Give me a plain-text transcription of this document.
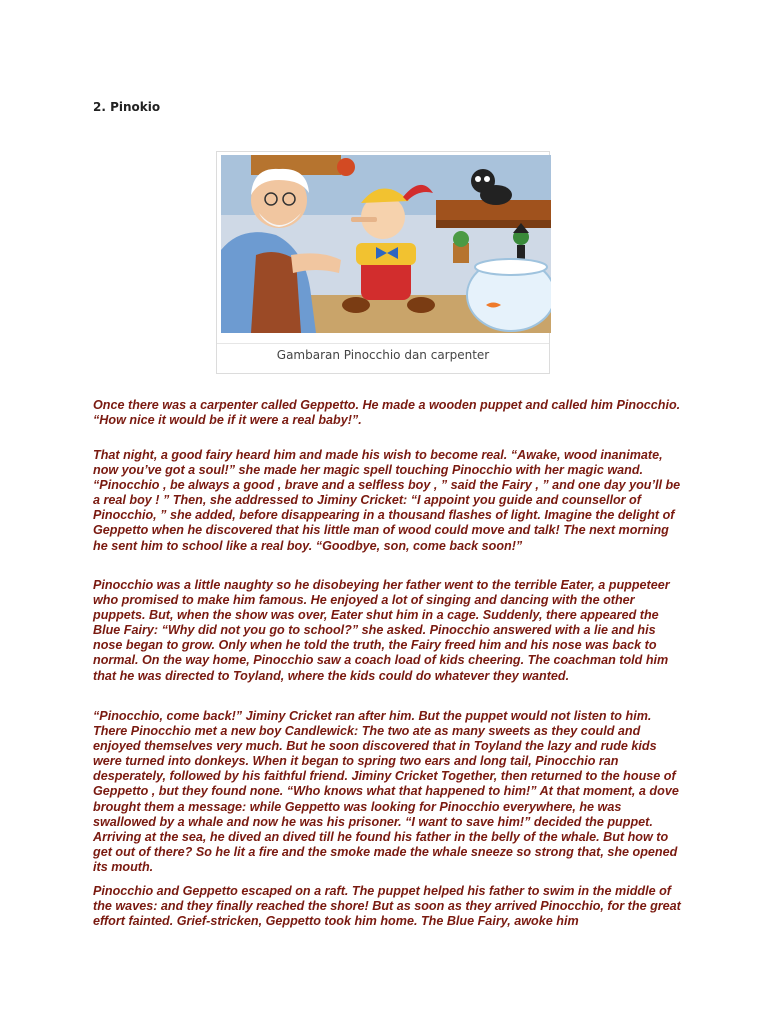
2. Pinokio
Gambaran Pinocchio dan carpenter

Once there was a carpenter called Geppetto. He made a wooden puppet and called him Pinocchio. “How nice it would be if it were a real baby!”.

That night, a good fairy heard him and made his wish to become real. “Awake, wood inanimate, now you’ve got a soul!” she made her magic spell touching Pinocchio with her magic wand. “Pinocchio , be always a good , brave and a selfless boy , ” said the Fairy , ” and one day you’ll be a real boy ! ” Then, she addressed to Jiminy Cricket: “I appoint you guide and counsellor of Pinocchio, ” she added, before disappearing in a thousand flashes of light. Imagine the delight of Geppetto when he discovered that his little man of wood could move and talk! The next morning he sent him to school like a real boy. “Goodbye, son, come back soon!”

Pinocchio was a little naughty so he disobeying her father went to the terrible Eater, a puppeteer who promised to make him famous. He enjoyed a lot of singing and dancing with the other puppets. But, when the show was over, Eater shut him in a cage. Suddenly, there appeared the Blue Fairy: “Why did not you go to school?” she asked. Pinocchio answered with a lie and his nose began to grow. Only when he told the truth, the Fairy freed him and his nose was back to normal. On the way home, Pinocchio saw a coach load of kids cheering. The coachman told him that he was directed to Toyland, where the kids could do whatever they wanted.

“Pinocchio, come back!” Jiminy Cricket ran after him. But the puppet would not listen to him. There Pinocchio met a new boy Candlewick: The two ate as many sweets as they could and enjoyed themselves very much. But he soon discovered that in Toyland the lazy and rude kids were turned into donkeys. When it began to spring two ears and long tail, Pinocchio ran desperately, followed by his faithful friend. Jiminy Cricket Together, then returned to the house of Geppetto , but they found none. “Who knows what that happened to him!” At that moment, a dove brought them a message: while Geppetto was looking for Pinocchio everywhere, he was swallowed by a whale and now he was his prisoner. “I want to save him!” decided the puppet. Arriving at the sea, he dived an dived till he found his father in the belly of the whale. But how to get out of there? So he lit a fire and the smoke made the whale sneeze so strong that, she opened its mouth.

Pinocchio and Geppetto escaped on a raft. The puppet helped his father to swim in the middle of the waves: and they finally reached the shore! But as soon as they arrived Pinocchio, for the great effort fainted. Grief-stricken, Geppetto took him home. The Blue Fairy, awoke him
